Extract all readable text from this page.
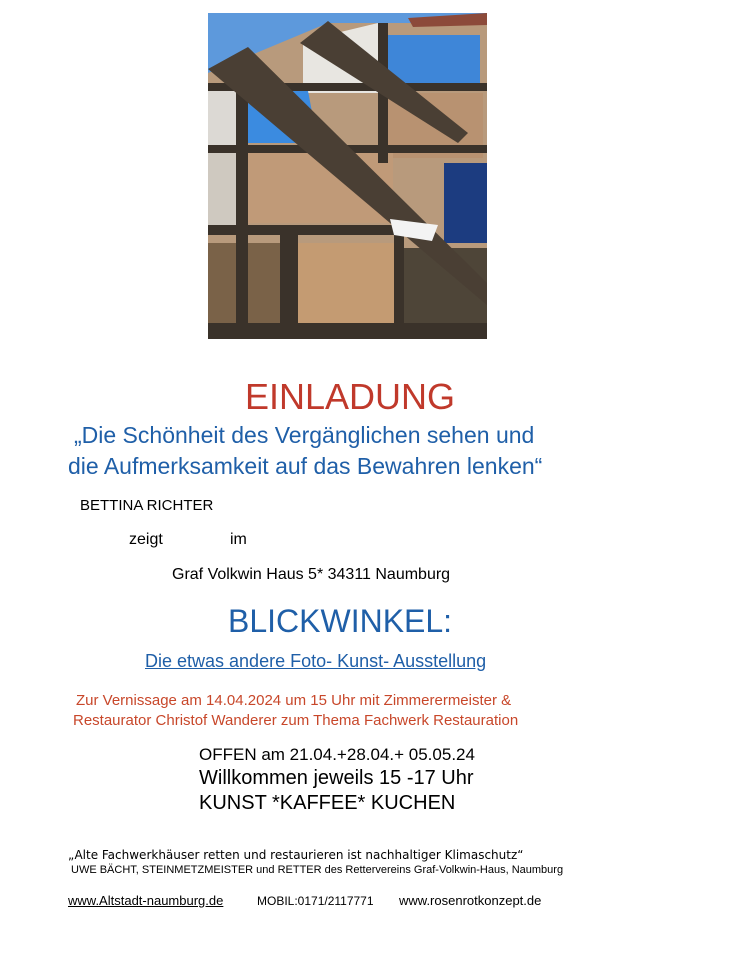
EINLADUNG
„Die Schönheit des Vergänglichen sehen und
die Aufmerksamkeit auf das Bewahren lenken“
BETTINA RICHTER
zeigt	im
Graf Volkwin Haus 5* 34311 Naumburg
BLICKWINKEL:
Die etwas andere Foto- Kunst- Ausstellung
Zur Vernissage am 14.04.2024 um 15 Uhr mit Zimmerermeister &
Restaurator Christof Wanderer zum Thema Fachwerk Restauration
OFFEN am 21.04.+28.04.+ 05.05.24
Willkommen jeweils 15 -17 Uhr
KUNST *KAFFEE* KUCHEN
„Alte Fachwerkhäuser retten und restaurieren ist nachhaltiger Klimaschutz“
UWE BÄCHT, STEINMETZMEISTER und RETTER des Rettervereins Graf-Volkwin-Haus, Naumburg
www.Altstadt-naumburg.de	MOBIL:0171/2117771 www.rosenrotkonzept.de
